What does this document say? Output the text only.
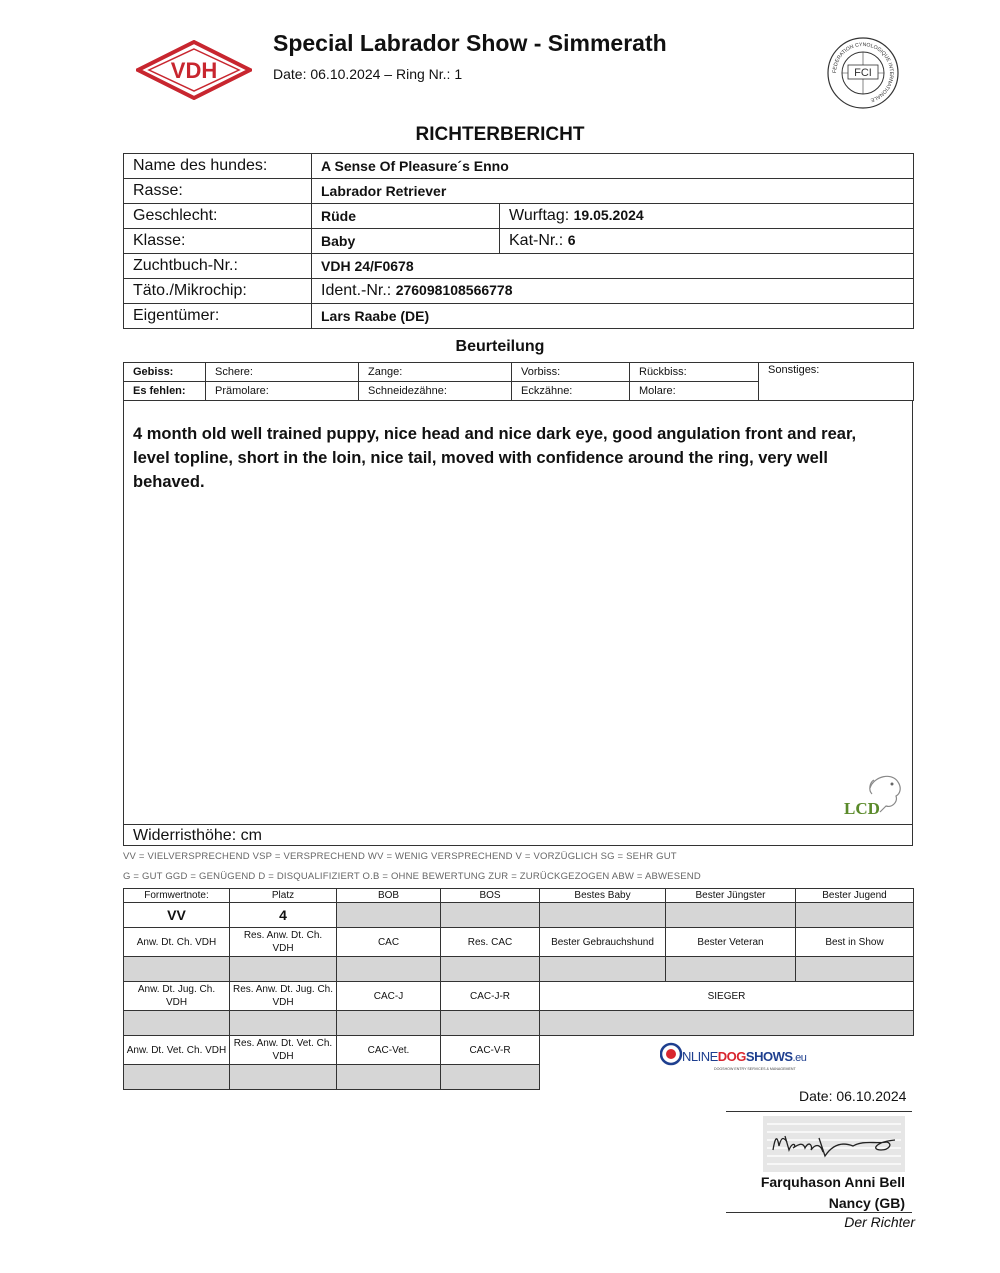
VDH
Special Labrador Show - Simmerath
Date: 06.10.2024 – Ring Nr.: 1	FEDERATION CYNOLOGIQUE INTERNATIONALE
FCI
RICHTERBERICHT
Name des hundes:	A Sense Of Pleasure´s Enno	
Rasse:	Labrador Retriever	
Geschlecht:	Rüde	Wurftag: 19.05.2024
Klasse:	Baby	Kat-Nr.: 6
Zuchtbuch-Nr.:	VDH 24/F0678	
Täto./Mikrochip:	Ident.-Nr.: 276098108566778	
Eigentümer:	Lars Raabe (DE)	
Beurteilung
Gebiss:	Schere:	Zange:	Vorbiss:	Rückbiss:	Sonstiges:
Es fehlen:	Prämolare:	Schneidezähne:	Eckzähne:	Molare:	
4 month old well trained puppy, nice head and nice dark eye, good angulation front and rear, level topline, short in the loin, nice tail, moved with confidence around the ring, very well behaved.
LCD
Widerristhöhe: cm
VV = VIELVERSPRECHEND VSP = VERSPRECHEND WV = WENIG VERSPRECHEND V = VORZÜGLICH SG = SEHR GUT
G = GUT GGD = GENÜGEND D = DISQUALIFIZIERT O.B = OHNE BEWERTUNG ZUR = ZURÜCKGEZOGEN ABW = ABWESEND
Formwertnote:	Platz	BOB	BOS	Bestes Baby	Bester Jüngster	Bester Jugend
VV	4					
Anw. Dt. Ch. VDH	Res. Anw. Dt. Ch. VDH	CAC	Res. CAC	Bester Gebrauchshund	Bester Veteran	Best in Show

Anw. Dt. Jug. Ch. VDH	Res. Anw. Dt. Jug. Ch. VDH	CAC-J	CAC-J-R	SIEGER		

Anw. Dt. Vet. Ch. VDH	Res. Anw. Dt. Vet. Ch. VDH	CAC-Vet.	CAC-V-R			
					NLINEDOGSHOWS.eu
DOGSHOW ENTRY SERVICES & MANAGEMENT
Date: 06.10.2024
Farquhason Anni Bell
Nancy (GB)
Der Richter
